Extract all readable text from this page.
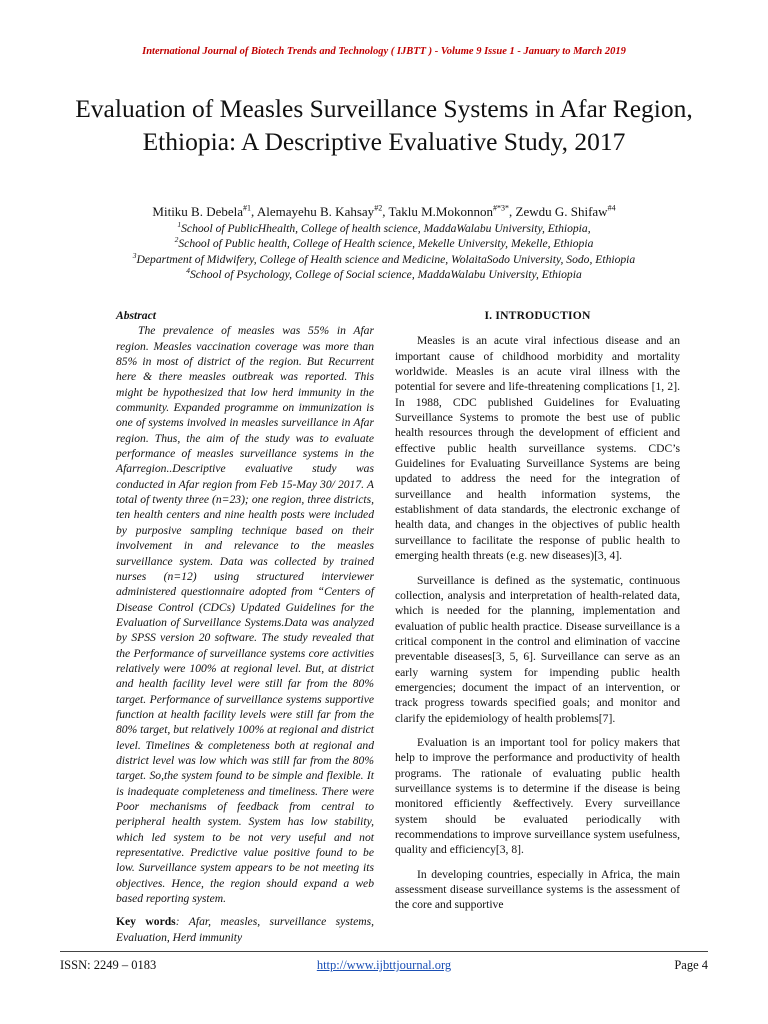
International Journal of Biotech Trends and Technology ( IJBTT ) - Volume 9 Issue 1 - January to March 2019
Evaluation of Measles Surveillance Systems in Afar Region, Ethiopia: A Descriptive Evaluative Study, 2017
Mitiku B. Debela$^{\#1}$, Alemayehu B. Kahsay$^{\#2}$, Taklu M.Mokonnon$^{\#*3*}$, Zewdu G. Shifaw$^{\#4}$
$^1$School of PublicHhealth, College of health science, MaddaWalabu University, Ethiopia,
$^2$School of Public health, College of Health science, Mekelle University, Mekelle, Ethiopia
$^3$Department of Midwifery, College of Health science and Medicine, WolaitaSodo University, Sodo, Ethiopia
$^4$School of Psychology, College of Social science, MaddaWalabu University, Ethiopia

Abstract

The prevalence of measles was 55% in Afar region. Measles vaccination coverage was more than 85% in most of district of the region. But Recurrent here & there measles outbreak was reported. This might be hypothesized that low herd immunity in the community. Expanded programme on immunization is one of systems involved in measles surveillance in Afar region. Thus, the aim of the study was to evaluate performance of measles surveillance systems in the Afarregion..Descriptive evaluative study was conducted in Afar region from Feb 15-May 30/ 2017. A total of twenty three (n=23); one region, three districts, ten health centers and nine health posts were included by purposive sampling technique based on their involvement in and relevance to the measles surveillance system. Data was collected by trained nurses (n=12) using structured interviewer administered questionnaire adopted from “Centers of Disease Control (CDCs) Updated Guidelines for the Evaluation of Surveillance Systems.Data was analyzed by SPSS version 20 software. The study revealed that the Performance of surveillance systems core activities relatively were 100% at regional level. But, at district and health facility level were still far from the 80% target. Performance of surveillance systems supportive function at health facility levels were still far from the 80% target, but relatively 100% at regional and district level. Timelines & completeness both at regional and district level was low which was still far from the 80% target. So,the system found to be simple and flexible. It is inadequate completeness and timeliness. There were Poor mechanisms of feedback from central to peripheral health system. System has low stability, which led system to be not very useful and not representative. Predictive value positive found to be low. Surveillance system appears to be not meeting its objectives. Hence, the region should expand a web based reporting system.

Key words: Afar, measles, surveillance systems, Evaluation, Herd immunity

I. INTRODUCTION

Measles is an acute viral infectious disease and an important cause of childhood morbidity and mortality worldwide. Measles is an acute viral illness with the potential for severe and life-threatening complications [1, 2]. In 1988, CDC published Guidelines for Evaluating Surveillance Systems to promote the best use of public health resources through the development of efficient and effective public health surveillance systems. CDC’s Guidelines for Evaluating Surveillance Systems are being updated to address the need for the integration of surveillance and health information systems, the establishment of data standards, the electronic exchange of health data, and changes in the objectives of public health surveillance to facilitate the response of public health to emerging health threats (e.g. new diseases)[3, 4].

Surveillance is defined as the systematic, continuous collection, analysis and interpretation of health-related data, which is needed for the planning, implementation and evaluation of public health practice. Disease surveillance is a critical component in the control and elimination of vaccine preventable diseases[3, 5, 6]. Surveillance can serve as an early warning system for impending public health emergencies; document the impact of an intervention, or track progress towards specified goals; and monitor and clarify the epidemiology of health problems[7].

Evaluation is an important tool for policy makers that help to improve the performance and productivity of health programs. The rationale of evaluating public health surveillance systems is to determine if the disease is being monitored efficiently &effectively. Every surveillance system should be evaluated periodically with recommendations to improve surveillance system usefulness, quality and efficiency[3, 8].

In developing countries, especially in Africa, the main assessment disease surveillance systems is the assessment of the core and supportive

ISSN: 2249 – 0183	http://www.ijbttjournal.org	Page 4
